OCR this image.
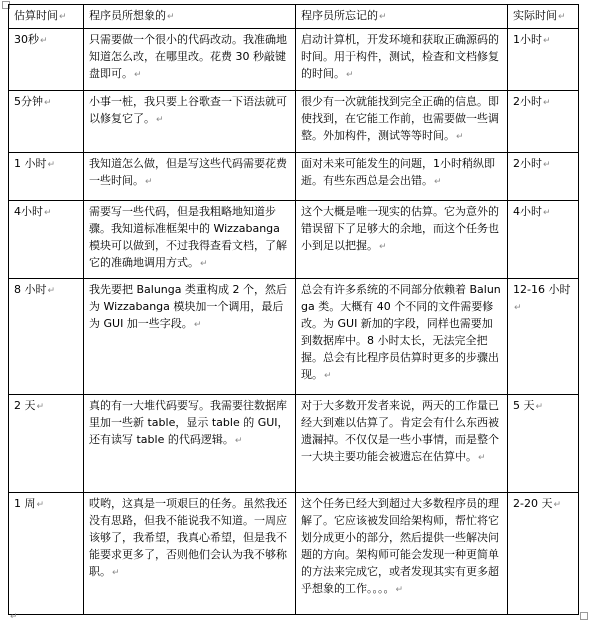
估算时间↵	程序员所想象的↵	程序员所忘记的↵	实际时间↵
30秒↵	只需要做一个很小的代码改动。我准确地知道怎么改，在哪里改。花费 30 秒敲键盘即可。↵	启动计算机，开发环境和获取正确源码的时间。用于构件，测试，检查和文档修复的时间。↵	1小时↵
5分钟↵	小事一桩，我只要上谷歌查一下语法就可以修复它了。↵	很少有一次就能找到完全正确的信息。即使找到，在它能工作前，也需要做一些调整。外加构件，测试等等时间。↵	2小时↵
1 小时↵	我知道怎么做，但是写这些代码需要花费一些时间。↵	面对未来可能发生的问题，1小时稍纵即逝。有些东西总是会出错。↵	2小时↵
4小时↵	需要写一些代码，但是我粗略地知道步骤。我知道标准框架中的 Wizzabanga 模块可以做到，不过我得查看文档，了解它的准确地调用方式。↵	这个大概是唯一现实的估算。它为意外的错误留下了足够大的余地，而这个任务也小到足以把握。↵	4小时↵
8 小时↵	我先要把 Balunga 类重构成 2 个，然后为 Wizzabanga 模块加一个调用，最后为 GUI 加一些字段。↵	总会有许多系统的不同部分依赖着 Balunga 类。大概有 40 个不同的文件需要修改。为 GUI 新加的字段，同样也需要加到数据库中。8 小时太长，无法完全把握。总会有比程序员估算时更多的步骤出现。↵	12-16 小时↵
2 天↵	真的有一大堆代码要写。我需要往数据库里加一些新 table，显示 table 的 GUI，还有读写 table 的代码逻辑。↵	对于大多数开发者来说，两天的工作量已经大到难以估算了。肯定会有什么东西被遗漏掉。不仅仅是一些小事情，而是整个一大块主要功能会被遗忘在估算中。↵	5 天↵
1 周↵	哎哟，这真是一项艰巨的任务。虽然我还没有思路，但我不能说我不知道。一周应该够了，我希望，我真心希望，但是我不能要求更多了，否则他们会认为我不够称职。↵	这个任务已经大到超过大多数程序员的理解了。它应该被发回给架构师，帮忙将它划分成更小的部分，然后提供一些解决问题的方向。架构师可能会发现一种更简单的方法来完成它，或者发现其实有更多超乎想象的工作。。。。↵	2-20 天↵
↵
